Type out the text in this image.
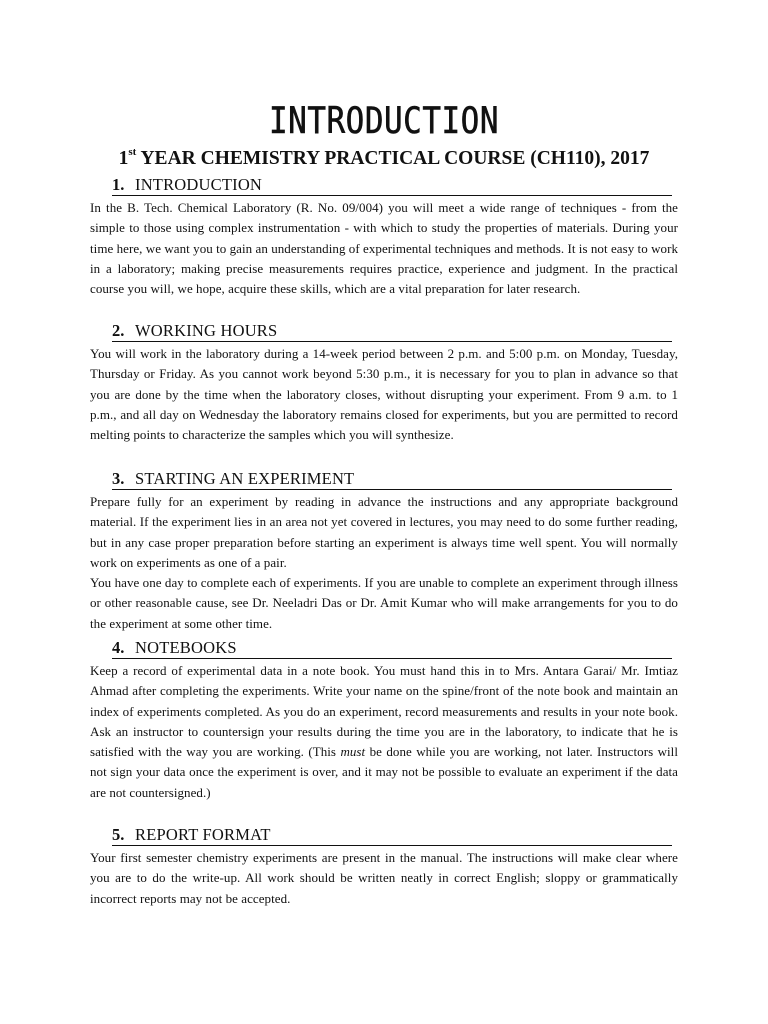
INTRODUCTION
1st YEAR CHEMISTRY PRACTICAL COURSE (CH110), 2017
1. INTRODUCTION

In the B. Tech. Chemical Laboratory (R. No. 09/004) you will meet a wide range of techniques - from the simple to those using complex instrumentation - with which to study the properties of materials. During your time here, we want you to gain an understanding of experimental techniques and methods. It is not easy to work in a laboratory; making precise measurements requires practice, experience and judgment. In the practical course you will, we hope, acquire these skills, which are a vital preparation for later research.

2. WORKING HOURS

You will work in the laboratory during a 14-week period between 2 p.m. and 5:00 p.m. on Monday, Tuesday, Thursday or Friday. As you cannot work beyond 5:30 p.m., it is necessary for you to plan in advance so that you are done by the time when the laboratory closes, without disrupting your experiment. From 9 a.m. to 1 p.m., and all day on Wednesday the laboratory remains closed for experiments, but you are permitted to record melting points to characterize the samples which you will synthesize.

3. STARTING AN EXPERIMENT

Prepare fully for an experiment by reading in advance the instructions and any appropriate background material. If the experiment lies in an area not yet covered in lectures, you may need to do some further reading, but in any case proper preparation before starting an experiment is always time well spent. You will normally work on experiments as one of a pair.

You have one day to complete each of experiments. If you are unable to complete an experiment through illness or other reasonable cause, see Dr. Neeladri Das or Dr. Amit Kumar who will make arrangements for you to do the experiment at some other time.

4. NOTEBOOKS

Keep a record of experimental data in a note book. You must hand this in to Mrs. Antara Garai/ Mr. Imtiaz Ahmad after completing the experiments. Write your name on the spine/front of the note book and maintain an index of experiments completed. As you do an experiment, record measurements and results in your note book. Ask an instructor to countersign your results during the time you are in the laboratory, to indicate that he is satisfied with the way you are working. (This must be done while you are working, not later. Instructors will not sign your data once the experiment is over, and it may not be possible to evaluate an experiment if the data are not countersigned.)

5. REPORT FORMAT

Your first semester chemistry experiments are present in the manual. The instructions will make clear where you are to do the write-up. All work should be written neatly in correct English; sloppy or grammatically incorrect reports may not be accepted.
